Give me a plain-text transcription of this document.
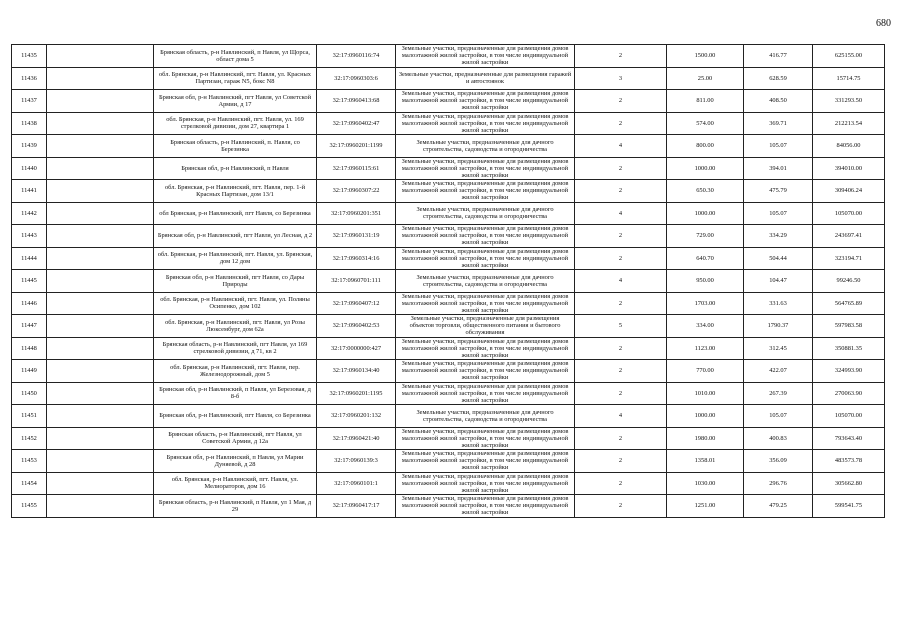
680
11435		Брянская область, р-н Навлинский, п Навля, ул Щорса, област дома 5	32:17:0960116:74	Земельные участки, предназначенные для размещения домов малоэтажной жилой застройки, в том числе индивидуальной жилой застройки	2	1500.00	416.77	625155.00
11436		обл. Брянская, р-н Навлинский, пгт. Навля, ул. Красных Партизан, гараж N5, бокс N8	32:17:0960303:6	Земельные участки, предназначенные для размещения гаражей и автостоянок	3	25.00	628.59	15714.75
11437		Брянская обл, р-н Навлинский, пгт Навля, ул Советской Армии, д 17	32:17:0960413:68	Земельные участки, предназначенные для размещения домов малоэтажной жилой застройки, в том числе индивидуальной жилой застройки	2	811.00	408.50	331293.50
11438		обл. Брянская, р-н Навлинский, пгт. Навля, ул. 169 стрелковой дивизии, дом 27, квартира 1	32:17:0960402:47	Земельные участки, предназначенные для размещения домов малоэтажной жилой застройки, в том числе индивидуальной жилой застройки	2	574.00	369.71	212213.54
11439		Брянская область, р-н Навлинский, п. Навля, со Березинка	32:17:0960201:1199	Земельные участки, предназначенные для дачного строительства, садоводства и огородничества	4	800.00	105.07	84056.00
11440		Брянская обл, р-н Навлинский, п Навля	32:17:0960115:61	Земельные участки, предназначенные для размещения домов малоэтажной жилой застройки, в том числе индивидуальной жилой застройки	2	1000.00	394.01	394010.00
11441		обл. Брянская, р-н Навлинский, пгт. Навля, пер. 1-й Красных Партизан, дом 13/1	32:17:0960307:22	Земельные участки, предназначенные для размещения домов малоэтажной жилой застройки, в том числе индивидуальной жилой застройки	2	650.30	475.79	309406.24
11442		обл Брянская, р-н Навлинский, пгт Навля, со Березинка	32:17:0960201:351	Земельные участки, предназначенные для дачного строительства, садоводства и огородничества	4	1000.00	105.07	105070.00
11443		Брянская обл, р-н Навлинский, пгт Навля, ул Лесная, д 2	32:17:0960131:19	Земельные участки, предназначенные для размещения домов малоэтажной жилой застройки, в том числе индивидуальной жилой застройки	2	729.00	334.29	243697.41
11444		обл. Брянская, р-н Навлинский, пгт. Навля, ул. Брянская, дом 12 дом	32:17:0960314:16	Земельные участки, предназначенные для размещения домов малоэтажной жилой застройки, в том числе индивидуальной жилой застройки	2	640.70	504.44	323194.71
11445		Брянская обл, р-н Навлинский, пгт Навля, со Дары Природы	32:17:0960701:111	Земельные участки, предназначенные для дачного строительства, садоводства и огородничества	4	950.00	104.47	99246.50
11446		обл. Брянская, р-н Навлинский, пгт. Навля, ул. Поляны Осипенко, дом 102	32:17:0960407:12	Земельные участки, предназначенные для размещения домов малоэтажной жилой застройки, в том числе индивидуальной жилой застройки	2	1703.00	331.63	564765.89
11447		обл. Брянская, р-н Навлинский, пгт. Навля, ул Розы Люксембург, дом 62а	32:17:0960402:53	Земельные участки, предназначенные для размещения объектов торговли, общественного питания и бытового обслуживания	5	334.00	1790.37	597983.58
11448		Брянская область, р-н Навлинский, пгт Навля, ул 169 стрелковой дивизии, д 71, кв 2	32:17:0000000:427	Земельные участки, предназначенные для размещения домов малоэтажной жилой застройки, в том числе индивидуальной жилой застройки	2	1123.00	312.45	350881.35
11449		обл. Брянская, р-н Навлинский, пгт. Навля, пер. Железнодорожный, дом 5	32:17:0960134:40	Земельные участки, предназначенные для размещения домов малоэтажной жилой застройки, в том числе индивидуальной жилой застройки	2	770.00	422.07	324993.90
11450		Брянская обл, р-н Навлинский, п Навля, ул Березовая, д 8-б	32:17:0960201:1195	Земельные участки, предназначенные для размещения домов малоэтажной жилой застройки, в том числе индивидуальной жилой застройки	2	1010.00	267.39	270063.90
11451		Брянская обл, р-н Навлинский, пгт Навля, со Березинка	32:17:0960201:132	Земельные участки, предназначенные для дачного строительства, садоводства и огородничества	4	1000.00	105.07	105070.00
11452		Брянская область, р-н Навлинский, пгт Навля, ул Советской Армии, д 12а	32:17:0960421:40	Земельные участки, предназначенные для размещения домов малоэтажной жилой застройки, в том числе индивидуальной жилой застройки	2	1980.00	400.83	793643.40
11453		Брянская обл, р-н Навлинский, п Навля, ул Марии Дуняевой, д 28	32:17:0960139:3	Земельные участки, предназначенные для размещения домов малоэтажной жилой застройки, в том числе индивидуальной жилой застройки	2	1358.01	356.09	483573.78
11454		обл. Брянская, р-н Навлинский, пгт. Навля, ул. Мелиораторов, дом 16	32:17:0960101:1	Земельные участки, предназначенные для размещения домов малоэтажной жилой застройки, в том числе индивидуальной жилой застройки	2	1030.00	296.76	305662.80
11455		Брянская область, р-н Навлинский, п Навля, ул 1 Мая, д 29	32:17:0960417:17	Земельные участки, предназначенные для размещения домов малоэтажной жилой застройки, в том числе индивидуальной жилой застройки	2	1251.00	479.25	599541.75
